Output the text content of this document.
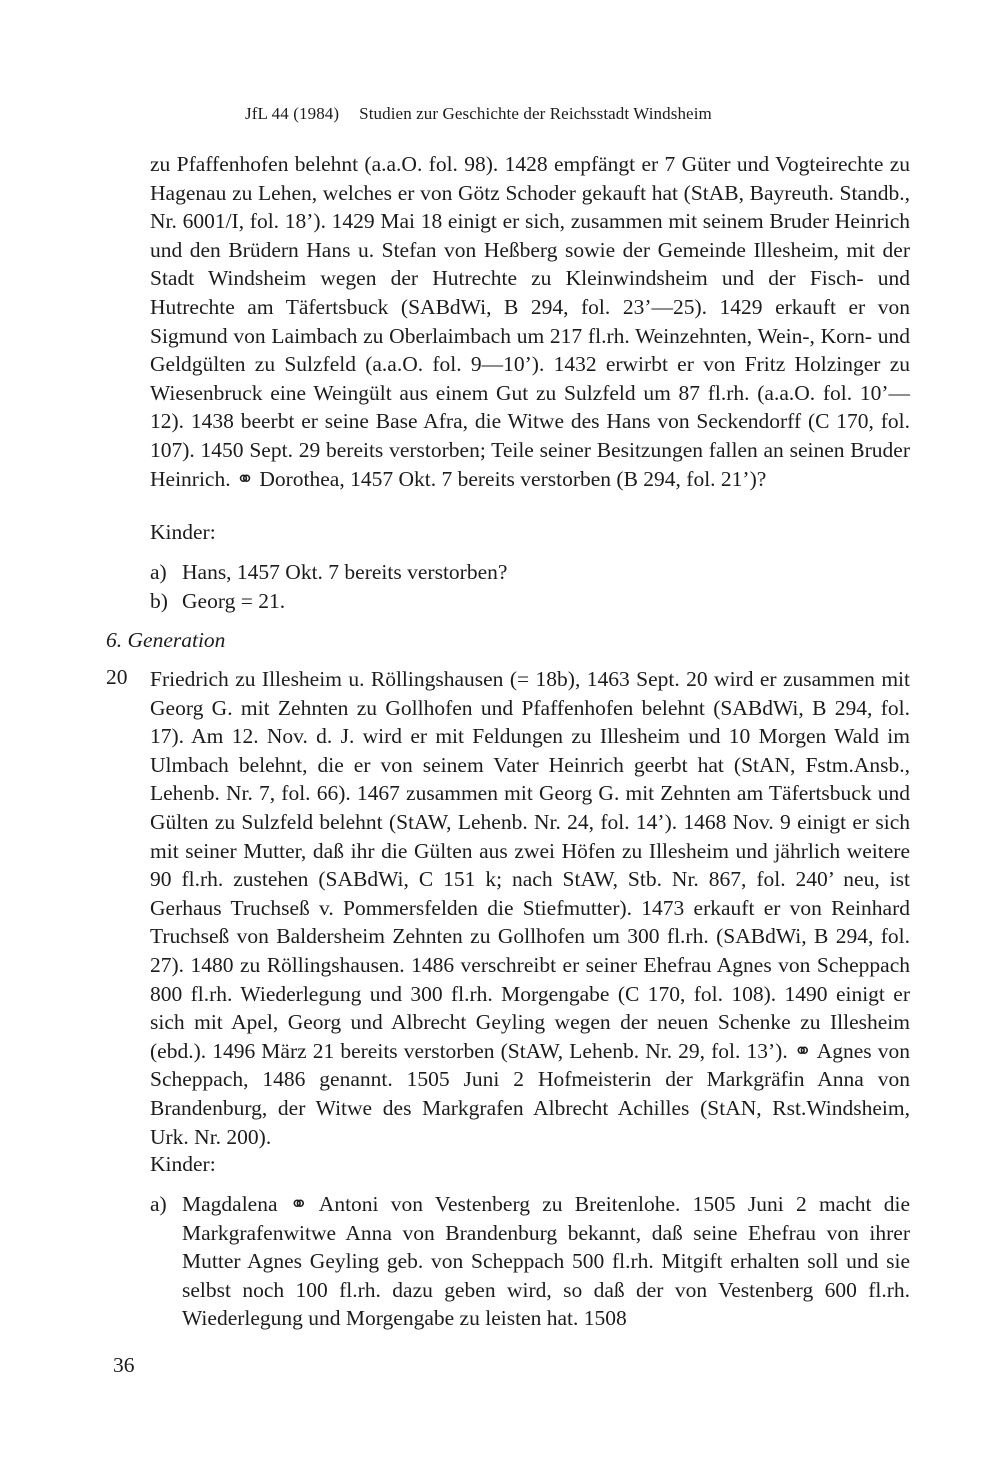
JfL 44 (1984) Studien zur Geschichte der Reichsstadt Windsheim

zu Pfaffenhofen belehnt (a.a.O. fol. 98). 1428 empfängt er 7 Güter und Vogteirechte zu Hagenau zu Lehen, welches er von Götz Schoder gekauft hat (StAB, Bayreuth. Standb., Nr. 6001/I, fol. 18’). 1429 Mai 18 einigt er sich, zusammen mit seinem Bruder Heinrich und den Brüdern Hans u. Stefan von Heßberg sowie der Gemeinde Illesheim, mit der Stadt Windsheim wegen der Hutrechte zu Kleinwindsheim und der Fisch- und Hutrechte am Täfertsbuck (SABdWi, B 294, fol. 23’—25). 1429 erkauft er von Sigmund von Laimbach zu Oberlaimbach um 217 fl.rh. Weinzehnten, Wein-, Korn- und Geldgülten zu Sulzfeld (a.a.O. fol. 9—10’). 1432 erwirbt er von Fritz Holzinger zu Wiesenbruck eine Weingült aus einem Gut zu Sulzfeld um 87 fl.rh. (a.a.O. fol. 10’—12). 1438 beerbt er seine Base Afra, die Witwe des Hans von Seckendorff (C 170, fol. 107). 1450 Sept. 29 bereits verstorben; Teile seiner Besitzungen fallen an seinen Bruder Heinrich. ⚭ Dorothea, 1457 Okt. 7 bereits verstorben (B 294, fol. 21’)?

Kinder:
a) Hans, 1457 Okt. 7 bereits verstorben?
b) Georg = 21.
6. Generation
20 Friedrich zu Illesheim u. Röllingshausen (= 18b), 1463 Sept. 20 wird er zusammen mit Georg G. mit Zehnten zu Gollhofen und Pfaffenhofen belehnt (SABdWi, B 294, fol. 17). Am 12. Nov. d. J. wird er mit Feldungen zu Illesheim und 10 Morgen Wald im Ulmbach belehnt, die er von seinem Vater Heinrich geerbt hat (StAN, Fstm.Ansb., Lehenb. Nr. 7, fol. 66). 1467 zusammen mit Georg G. mit Zehnten am Täfertsbuck und Gülten zu Sulzfeld belehnt (StAW, Lehenb. Nr. 24, fol. 14’). 1468 Nov. 9 einigt er sich mit seiner Mutter, daß ihr die Gülten aus zwei Höfen zu Illesheim und jährlich weitere 90 fl.rh. zustehen (SABdWi, C 151 k; nach StAW, Stb. Nr. 867, fol. 240’ neu, ist Gerhaus Truchseß v. Pommersfelden die Stiefmutter). 1473 erkauft er von Reinhard Truchseß von Baldersheim Zehnten zu Gollhofen um 300 fl.rh. (SABdWi, B 294, fol. 27). 1480 zu Röllingshausen. 1486 verschreibt er seiner Ehefrau Agnes von Scheppach 800 fl.rh. Wiederlegung und 300 fl.rh. Morgengabe (C 170, fol. 108). 1490 einigt er sich mit Apel, Georg und Albrecht Geyling wegen der neuen Schenke zu Illesheim (ebd.). 1496 März 21 bereits verstorben (StAW, Lehenb. Nr. 29, fol. 13’). ⚭ Agnes von Scheppach, 1486 genannt. 1505 Juni 2 Hofmeisterin der Markgräfin Anna von Brandenburg, der Witwe des Markgrafen Albrecht Achilles (StAN, Rst.Windsheim, Urk. Nr. 200).

Kinder:
a) Magdalena ⚭ Antoni von Vestenberg zu Breitenlohe. 1505 Juni 2 macht die Markgrafenwitwe Anna von Brandenburg bekannt, daß seine Ehefrau von ihrer Mutter Agnes Geyling geb. von Scheppach 500 fl.rh. Mitgift erhalten soll und sie selbst noch 100 fl.rh. dazu geben wird, so daß der von Vestenberg 600 fl.rh. Wiederlegung und Morgengabe zu leisten hat. 1508
36
